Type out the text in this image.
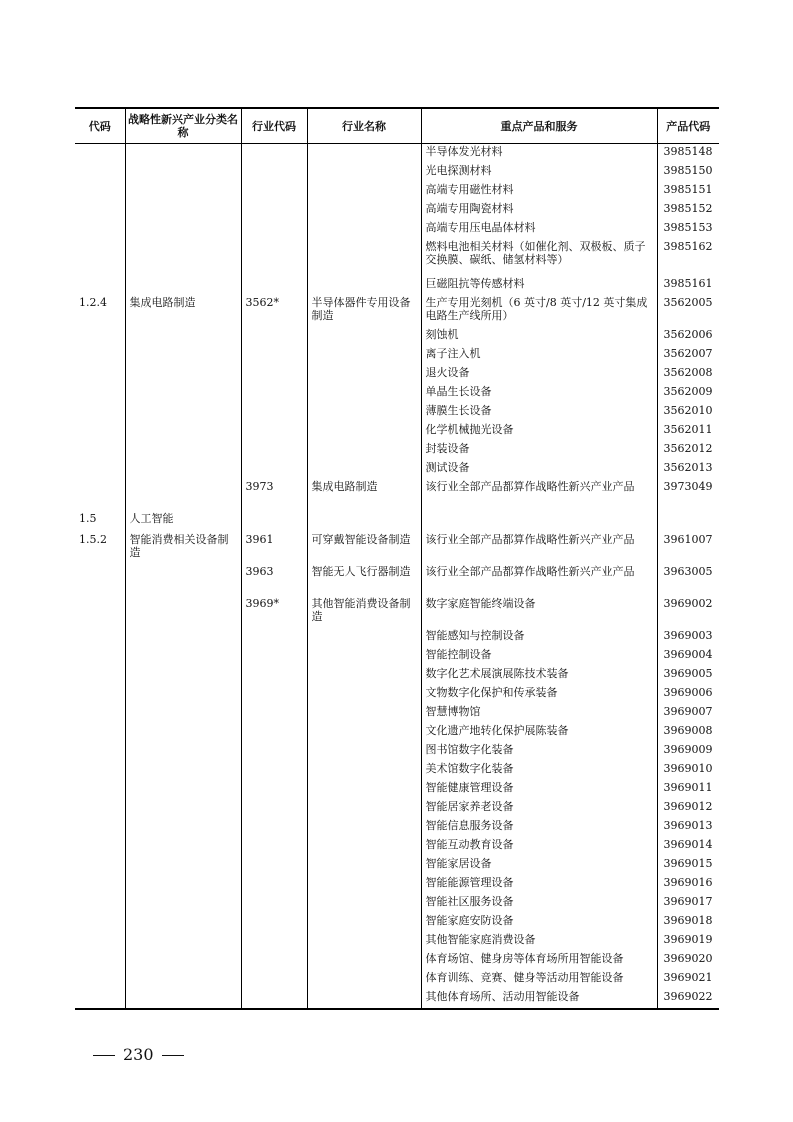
代码	战略性新兴产业分类名称	行业代码	行业名称	重点产品和服务	产品代码
				半导体发光材料	3985148
				光电探测材料	3985150
				高端专用磁性材料	3985151
				高端专用陶瓷材料	3985152
				高端专用压电晶体材料	3985153
				燃料电池相关材料（如催化剂、双极板、质子交换膜、碳纸、储氢材料等）	3985162
				巨磁阻抗等传感材料	3985161
1.2.4	集成电路制造	3562*	半导体器件专用设备制造	生产专用光刻机（6 英寸/8 英寸/12 英寸集成电路生产线所用）	3562005
				刻蚀机	3562006
				离子注入机	3562007
				退火设备	3562008
				单晶生长设备	3562009
				薄膜生长设备	3562010
				化学机械抛光设备	3562011
				封装设备	3562012
				测试设备	3562013
		3973	集成电路制造	该行业全部产品都算作战略性新兴产业产品	3973049
1.5	人工智能				
1.5.2	智能消费相关设备制造	3961	可穿戴智能设备制造	该行业全部产品都算作战略性新兴产业产品	3961007
		3963	智能无人飞行器制造	该行业全部产品都算作战略性新兴产业产品	3963005
		3969*	其他智能消费设备制造	数字家庭智能终端设备	3969002
				智能感知与控制设备	3969003
				智能控制设备	3969004
				数字化艺术展演展陈技术装备	3969005
				文物数字化保护和传承装备	3969006
				智慧博物馆	3969007
				文化遗产地转化保护展陈装备	3969008
				图书馆数字化装备	3969009
				美术馆数字化装备	3969010
				智能健康管理设备	3969011
				智能居家养老设备	3969012
				智能信息服务设备	3969013
				智能互动教育设备	3969014
				智能家居设备	3969015
				智能能源管理设备	3969016
				智能社区服务设备	3969017
				智能家庭安防设备	3969018
				其他智能家庭消费设备	3969019
				体育场馆、健身房等体育场所用智能设备	3969020
				体育训练、竞赛、健身等活动用智能设备	3969021
				其他体育场所、活动用智能设备	3969022
230
